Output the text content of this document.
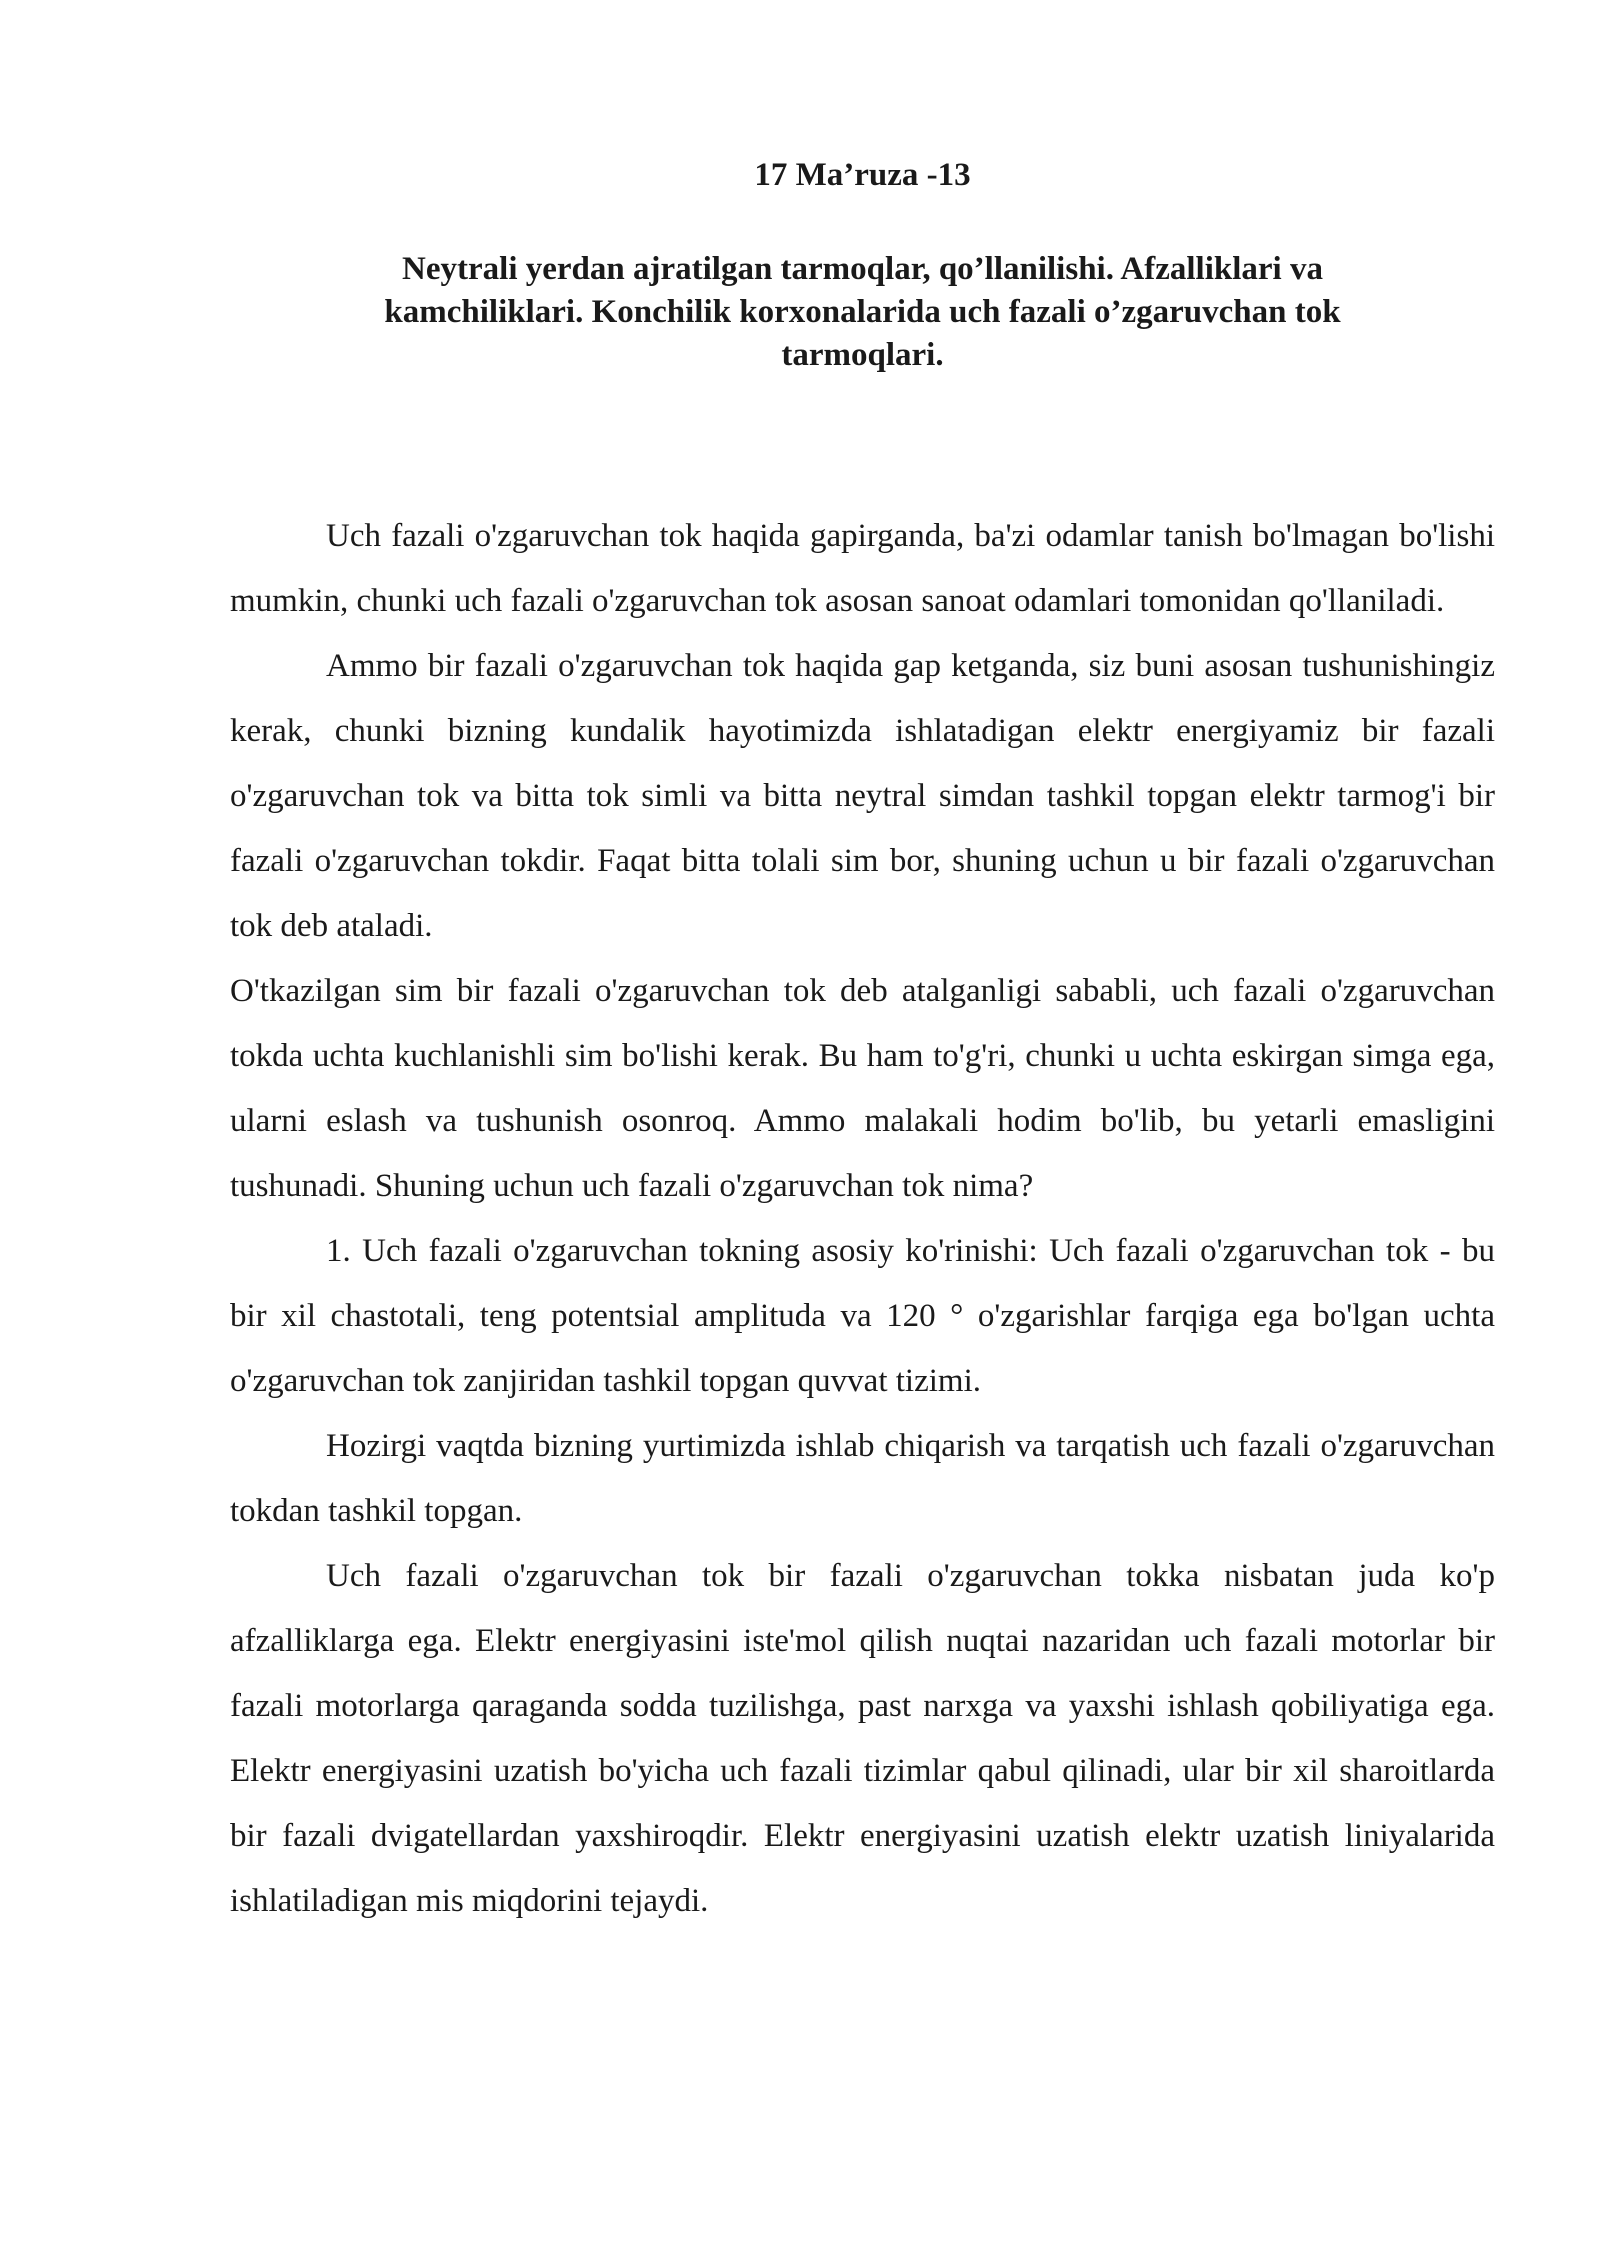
17 Ma’ruza -13
Neytrali yerdan ajratilgan tarmoqlar, qo’llanilishi. Afzalliklari va kamchiliklari. Konchilik korxonalarida uch fazali o’zgaruvchan tok tarmoqlari.

Uch fazali o'zgaruvchan tok haqida gapirganda, ba'zi odamlar tanish bo'lmagan bo'lishi mumkin, chunki uch fazali o'zgaruvchan tok asosan sanoat odamlari tomonidan qo'llaniladi.

Ammo bir fazali o'zgaruvchan tok haqida gap ketganda, siz buni asosan tushunishingiz kerak, chunki bizning kundalik hayotimizda ishlatadigan elektr energiyamiz bir fazali o'zgaruvchan tok va bitta tok simli va bitta neytral simdan tashkil topgan elektr tarmog'i bir fazali o'zgaruvchan tokdir. Faqat bitta tolali sim bor, shuning uchun u bir fazali o'zgaruvchan tok deb ataladi.

O'tkazilgan sim bir fazali o'zgaruvchan tok deb atalganligi sababli, uch fazali o'zgaruvchan tokda uchta kuchlanishli sim bo'lishi kerak. Bu ham to'g'ri, chunki u uchta eskirgan simga ega, ularni eslash va tushunish osonroq. Ammo malakali hodim bo'lib, bu yetarli emasligini tushunadi. Shuning uchun uch fazali o'zgaruvchan tok nima?

1. Uch fazali o'zgaruvchan tokning asosiy ko'rinishi: Uch fazali o'zgaruvchan tok - bu bir xil chastotali, teng potentsial amplituda va 120 ° o'zgarishlar farqiga ega bo'lgan uchta o'zgaruvchan tok zanjiridan tashkil topgan quvvat tizimi.

Hozirgi vaqtda bizning yurtimizda ishlab chiqarish va tarqatish uch fazali o'zgaruvchan tokdan tashkil topgan.

Uch fazali o'zgaruvchan tok bir fazali o'zgaruvchan tokka nisbatan juda ko'p afzalliklarga ega. Elektr energiyasini iste'mol qilish nuqtai nazaridan uch fazali motorlar bir fazali motorlarga qaraganda sodda tuzilishga, past narxga va yaxshi ishlash qobiliyatiga ega. Elektr energiyasini uzatish bo'yicha uch fazali tizimlar qabul qilinadi, ular bir xil sharoitlarda bir fazali dvigatellardan yaxshiroqdir. Elektr energiyasini uzatish elektr uzatish liniyalarida ishlatiladigan mis miqdorini tejaydi.
